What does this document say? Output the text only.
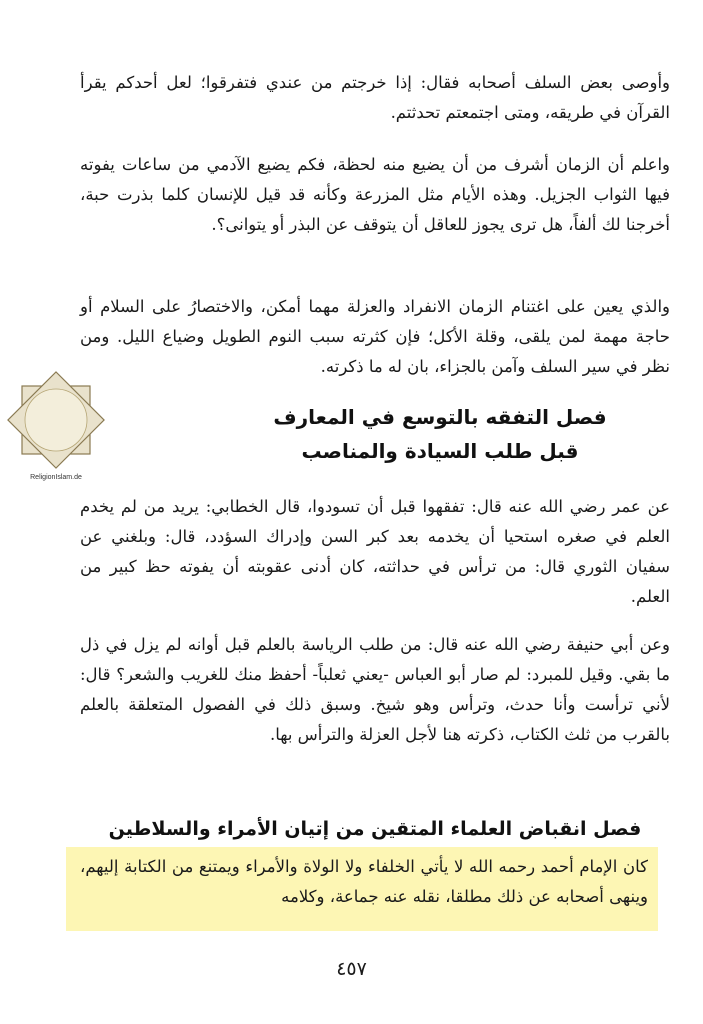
وأوصى بعض السلف أصحابه فقال: إذا خرجتم من عندي فتفرقوا؛ لعل أحدكم يقرأ القرآن في طريقه، ومتى اجتمعتم تحدثتم.

واعلم أن الزمان أشرف من أن يضيع منه لحظة، فكم يضيع الآدمي من ساعات يفوته فيها الثواب الجزيل. وهذه الأيام مثل المزرعة وكأنه قد قيل للإنسان كلما بذرت حبة، أخرجنا لك ألفاً، هل ترى يجوز للعاقل أن يتوقف عن البذر أو يتوانى؟.

والذي يعين على اغتنام الزمان الانفراد والعزلة مهما أمكن، والاختصارُ على السلام أو حاجة مهمة لمن يلقى، وقلة الأكل؛ فإن كثرته سبب النوم الطويل وضياع الليل. ومن نظر في سير السلف وآمن بالجزاء، بان له ما ذكرته.

ReligionIslam.de
فصل التفقه بالتوسع في المعارف
قبل طلب السيادة والمناصب

عن عمر رضي الله عنه قال: تفقهوا قبل أن تسودوا، قال الخطابي: يريد من لم يخدم العلم في صغره استحيا أن يخدمه بعد كبر السن وإدراك السؤدد، قال: وبلغني عن سفيان الثوري قال: من ترأس في حداثته، كان أدنى عقوبته أن يفوته حظ كبير من العلم.

وعن أبي حنيفة رضي الله عنه قال: من طلب الرياسة بالعلم قبل أوانه لم يزل في ذل ما بقي. وقيل للمبرد: لم صار أبو العباس -يعني ثعلباً- أحفظ منك للغريب والشعر؟ قال: لأني ترأست وأنا حدث، وترأس وهو شيخ. وسبق ذلك في الفصول المتعلقة بالعلم بالقرب من ثلث الكتاب، ذكرته هنا لأجل العزلة والترأس بها.

فصل انقباض العلماء المتقين من إتيان الأمراء والسلاطين

كان الإمام أحمد رحمه الله لا يأتي الخلفاء ولا الولاة والأمراء ويمتنع من الكتابة إليهم، وينهى أصحابه عن ذلك مطلقا، نقله عنه جماعة، وكلامه

٤٥٧
